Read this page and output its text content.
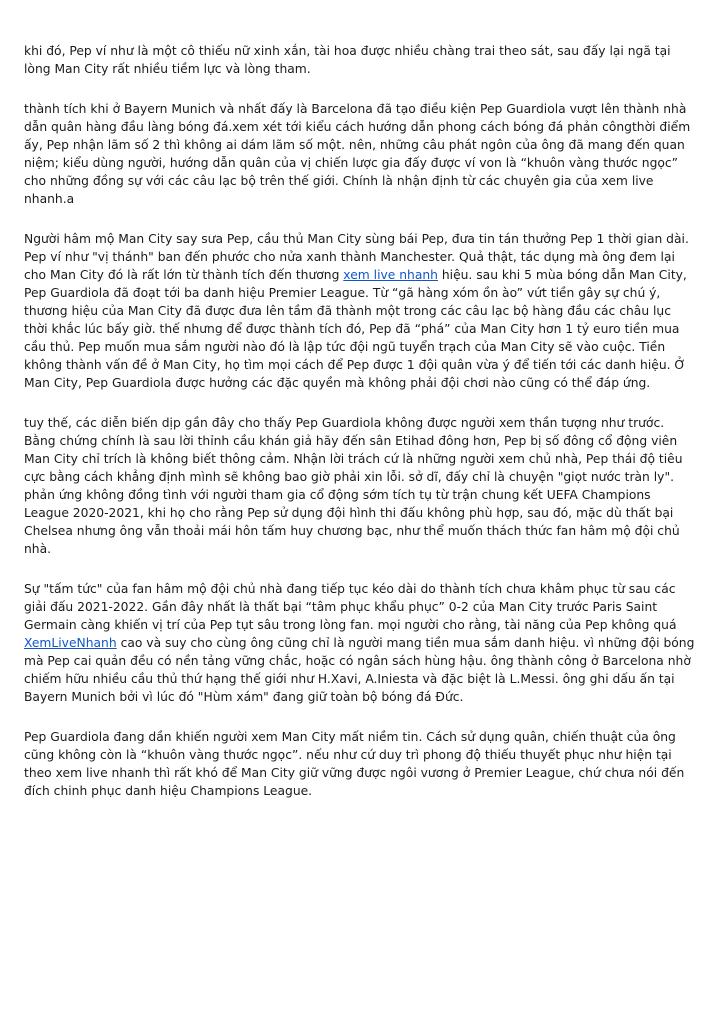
khi đó, Pep ví như là một cô thiếu nữ xinh xắn, tài hoa được nhiều chàng trai theo sát, sau đấy lại ngã tại lòng Man City rất nhiều tiềm lực và lòng tham.

thành tích khi ở Bayern Munich và nhất đấy là Barcelona đã tạo điều kiện Pep Guardiola vượt lên thành nhà dẫn quân hàng đầu làng bóng đá.xem xét tới kiểu cách hướng dẫn phong cách bóng đá phản côngthời điểm ấy, Pep nhận lãm số 2 thì không ai dám lãm số một. nên, những câu phát ngôn của ông đã mang đến quan niệm; kiểu dùng người, hướng dẫn quân của vị chiến lược gia đấy được ví von là “khuôn vàng thước ngọc” cho những đồng sự với các câu lạc bộ trên thế giới. Chính là nhận định từ các chuyên gia của xem live nhanh.a

Người hâm mộ Man City say sưa Pep, cầu thủ Man City sùng bái Pep, đưa tin tán thưởng Pep 1 thời gian dài. Pep ví như "vị thánh" ban đến phước cho nửa xanh thành Manchester. Quả thật, tác dụng mà ông đem lại cho Man City đó là rất lớn từ thành tích đến thương xem live nhanh hiệu. sau khi 5 mùa bóng dẫn Man City, Pep Guardiola đã đoạt tới ba danh hiệu Premier League. Từ “gã hàng xóm ồn ào” vứt tiền gây sự chú ý, thương hiệu của Man City đã được đưa lên tầm đã thành một trong các câu lạc bộ hàng đầu các châu lục thời khắc lúc bấy giờ. thế nhưng để được thành tích đó, Pep đã “phá” của Man City hơn 1 tỷ euro tiền mua cầu thủ. Pep muốn mua sắm người nào đó là lập tức đội ngũ tuyển trạch của Man City sẽ vào cuộc. Tiền không thành vấn đề ở Man City, họ tìm mọi cách để Pep được 1 đội quân vừa ý để tiến tới các danh hiệu. Ở Man City, Pep Guardiola được hưởng các đặc quyền mà không phải đội chơi nào cũng có thể đáp ứng.

tuy thế, các diễn biến dịp gần đây cho thấy Pep Guardiola không được người xem thần tượng như trước. Bằng chứng chính là sau lời thỉnh cầu khán giả hãy đến sân Etihad đông hơn, Pep bị số đông cổ động viên Man City chỉ trích là không biết thông cảm. Nhận lời trách cứ là những người xem chủ nhà, Pep thái độ tiêu cực bằng cách khẳng định mình sẽ không bao giờ phải xin lỗi. sở dĩ, đấy chỉ là chuyện "giọt nước tràn ly". phản ứng không đồng tình với người tham gia cổ động sớm tích tụ từ trận chung kết UEFA Champions League 2020-2021, khi họ cho rằng Pep sử dụng đội hình thi đấu không phù hợp, sau đó, mặc dù thất bại Chelsea nhưng ông vẫn thoải mái hôn tấm huy chương bạc, như thể muốn thách thức fan hâm mộ đội chủ nhà.

Sự "tấm tức" của fan hâm mộ đội chủ nhà đang tiếp tục kéo dài do thành tích chưa khâm phục từ sau các giải đấu 2021-2022. Gần đây nhất là thất bại “tâm phục khẩu phục” 0-2 của Man City trước Paris Saint Germain càng khiến vị trí của Pep tụt sâu trong lòng fan. mọi người cho rằng, tài năng của Pep không quá XemLiveNhanh cao và suy cho cùng ông cũng chỉ là người mang tiền mua sắm danh hiệu. vì những đội bóng mà Pep cai quản đều có nền tảng vững chắc, hoặc có ngân sách hùng hậu. ông thành công ở Barcelona nhờ chiếm hữu nhiều cầu thủ thứ hạng thế giới như H.Xavi, A.Iniesta và đặc biệt là L.Messi. ông ghi dấu ấn tại Bayern Munich bởi vì lúc đó "Hùm xám" đang giữ toàn bộ bóng đá Đức.

Pep Guardiola đang dần khiến người xem Man City mất niềm tin. Cách sử dụng quân, chiến thuật của ông cũng không còn là “khuôn vàng thước ngọc”. nếu như cứ duy trì phong độ thiếu thuyết phục như hiện tại theo xem live nhanh thì rất khó để Man City giữ vững được ngôi vương ở Premier League, chứ chưa nói đến đích chinh phục danh hiệu Champions League.
